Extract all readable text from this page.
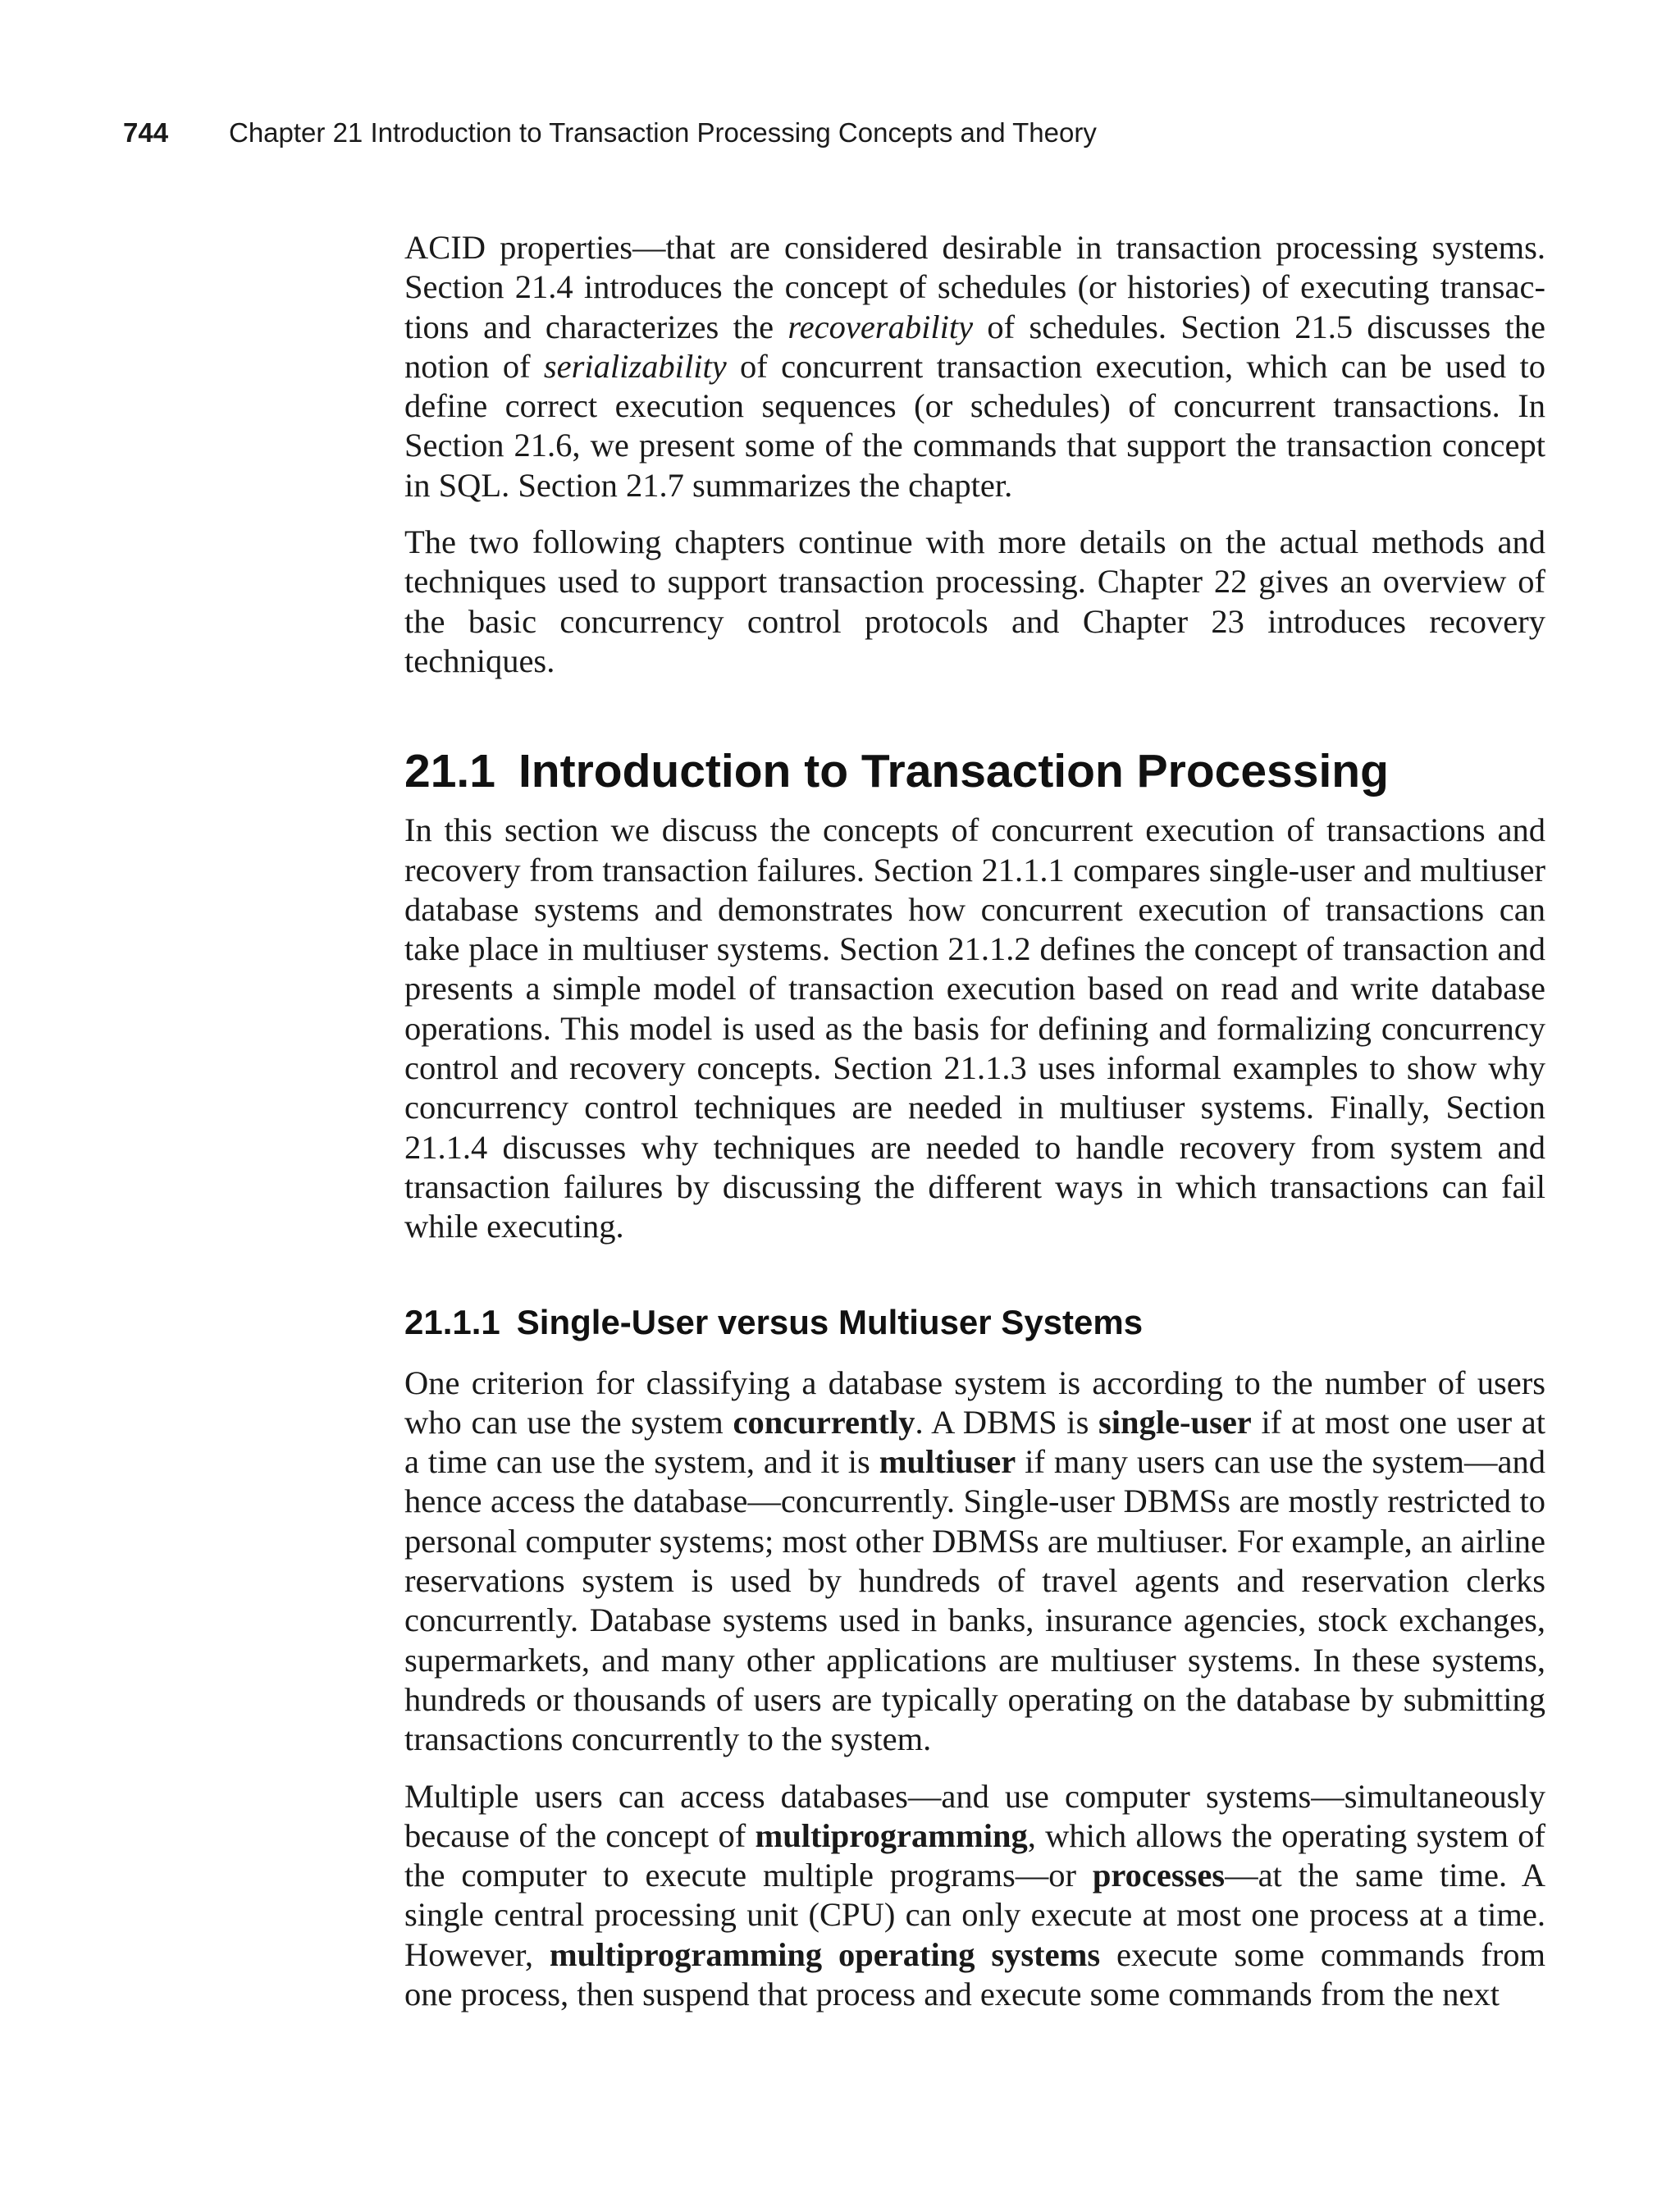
744 Chapter 21 Introduction to Transaction Processing Concepts and Theory

ACID properties—that are considered desirable in transaction processing systems. Section 21.4 introduces the concept of schedules (or histories) of executing transactions and characterizes the recoverability of schedules. Section 21.5 discusses the notion of serializability of concurrent transaction execution, which can be used to define correct execution sequences (or schedules) of concurrent transactions. In Section 21.6, we present some of the commands that support the transaction concept in SQL. Section 21.7 summarizes the chapter.

The two following chapters continue with more details on the actual methods and techniques used to support transaction processing. Chapter 22 gives an overview of the basic concurrency control protocols and Chapter 23 introduces recovery techniques.

21.1 Introduction to Transaction Processing

In this section we discuss the concepts of concurrent execution of transactions and recovery from transaction failures. Section 21.1.1 compares single-user and multiuser database systems and demonstrates how concurrent execution of transactions can take place in multiuser systems. Section 21.1.2 defines the concept of transaction and presents a simple model of transaction execution based on read and write database operations. This model is used as the basis for defining and formalizing concurrency control and recovery concepts. Section 21.1.3 uses informal examples to show why concurrency control techniques are needed in multiuser systems. Finally, Section 21.1.4 discusses why techniques are needed to handle recovery from system and transaction failures by discussing the different ways in which transactions can fail while executing.

21.1.1 Single-User versus Multiuser Systems

One criterion for classifying a database system is according to the number of users who can use the system concurrently. A DBMS is single-user if at most one user at a time can use the system, and it is multiuser if many users can use the system—and hence access the database—concurrently. Single-user DBMSs are mostly restricted to personal computer systems; most other DBMSs are multiuser. For example, an airline reservations system is used by hundreds of travel agents and reservation clerks concurrently. Database systems used in banks, insurance agencies, stock exchanges, supermarkets, and many other applications are multiuser systems. In these systems, hundreds or thousands of users are typically operating on the database by submitting transactions concurrently to the system.

Multiple users can access databases—and use computer systems—simultaneously because of the concept of multiprogramming, which allows the operating system of the computer to execute multiple programs—or processes—at the same time. A single central processing unit (CPU) can only execute at most one process at a time. However, multiprogramming operating systems execute some commands from one process, then suspend that process and execute some commands from the next
